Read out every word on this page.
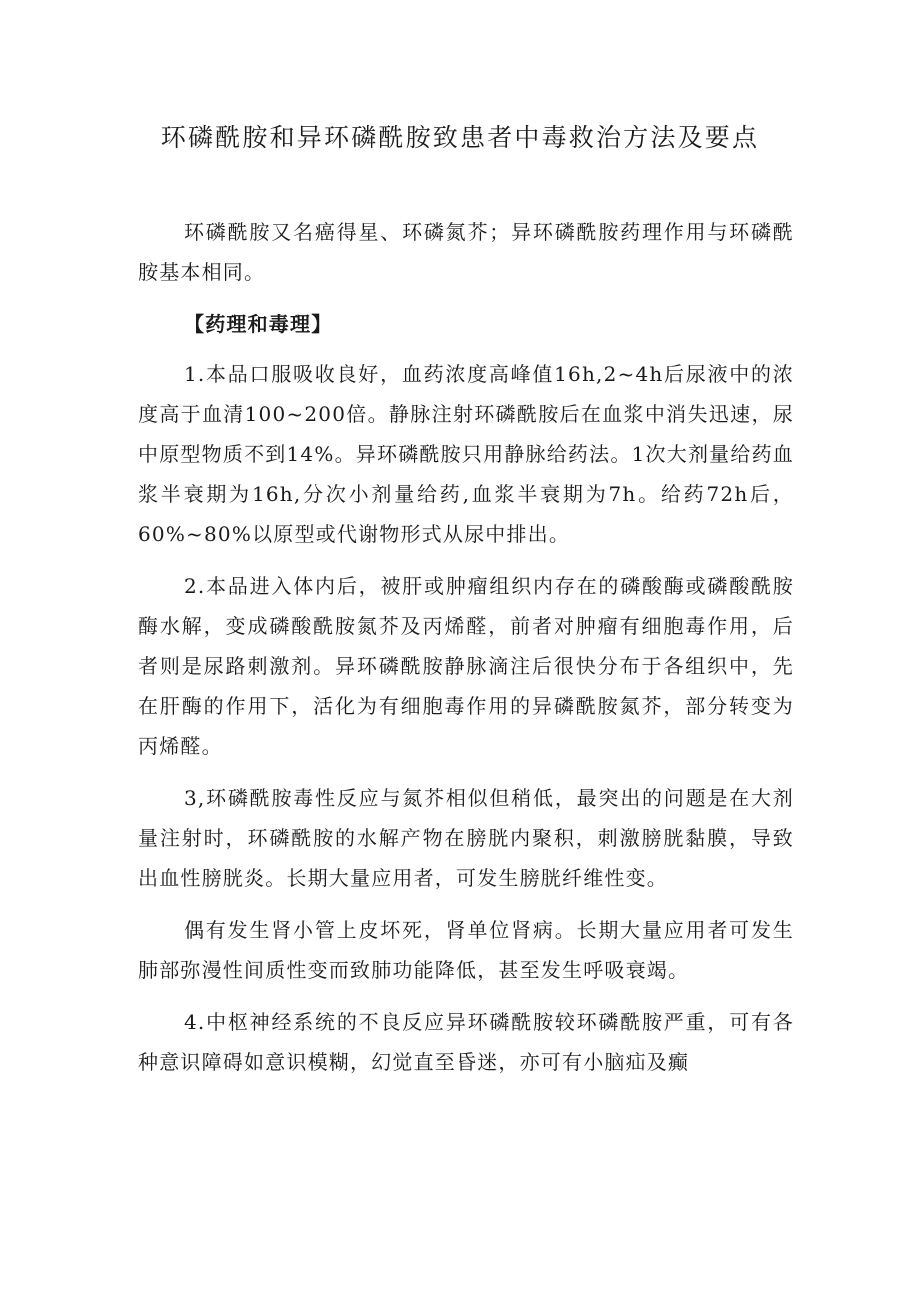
环磷酰胺和异环磷酰胺致患者中毒救治方法及要点

环磷酰胺又名癌得星、环磷氮芥；异环磷酰胺药理作用与环磷酰胺基本相同。

【药理和毒理】

1.本品口服吸收良好，血药浓度高峰值16h,2~4h后尿液中的浓度高于血清100~200倍。静脉注射环磷酰胺后在血浆中消失迅速，尿中原型物质不到14%。异环磷酰胺只用静脉给药法。1次大剂量给药血浆半衰期为16h,分次小剂量给药,血浆半衰期为7h。给药72h后，60%~80%以原型或代谢物形式从尿中排出。

2.本品进入体内后，被肝或肿瘤组织内存在的磷酸酶或磷酸酰胺酶水解，变成磷酸酰胺氮芥及丙烯醛，前者对肿瘤有细胞毒作用，后者则是尿路刺激剂。异环磷酰胺静脉滴注后很快分布于各组织中，先在肝酶的作用下，活化为有细胞毒作用的异磷酰胺氮芥，部分转变为丙烯醛。

3,环磷酰胺毒性反应与氮芥相似但稍低，最突出的问题是在大剂量注射时，环磷酰胺的水解产物在膀胱内聚积，刺激膀胱黏膜，导致出血性膀胱炎。长期大量应用者，可发生膀胱纤维性变。

偶有发生肾小管上皮坏死，肾单位肾病。长期大量应用者可发生肺部弥漫性间质性变而致肺功能降低，甚至发生呼吸衰竭。

4.中枢神经系统的不良反应异环磷酰胺较环磷酰胺严重，可有各种意识障碍如意识模糊，幻觉直至昏迷，亦可有小脑疝及癫
